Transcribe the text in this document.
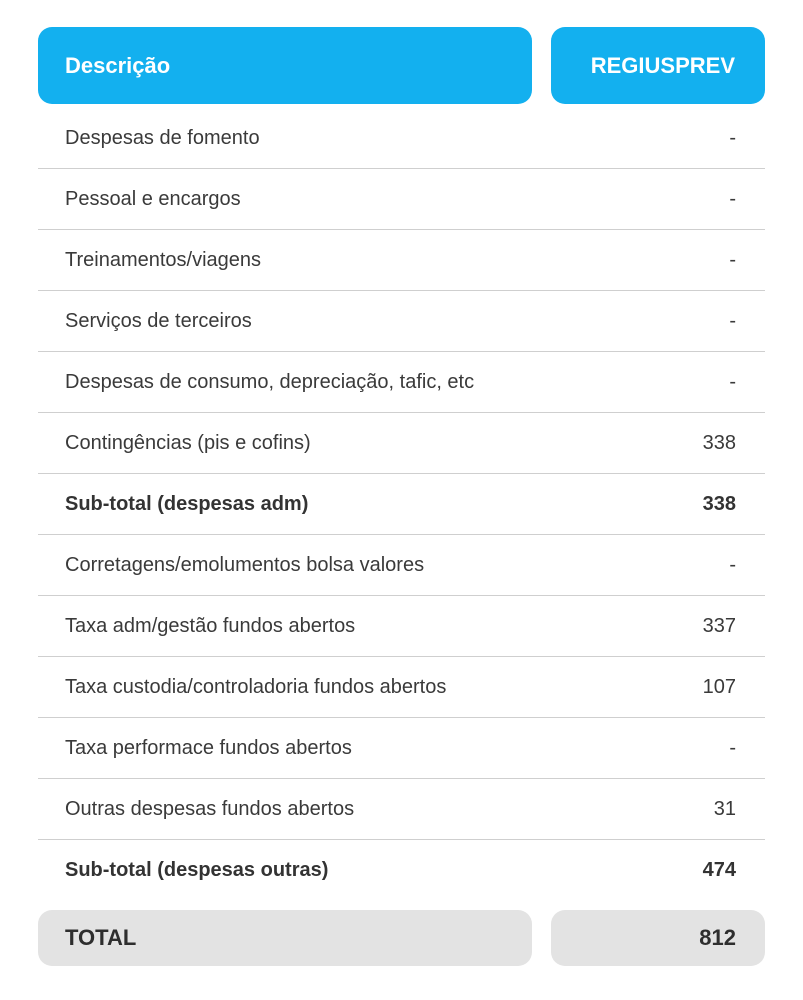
Descrição	REGIUSPREV
Despesas de fomento	-
Pessoal e encargos	-
Treinamentos/viagens	-
Serviços de terceiros	-
Despesas de consumo, depreciação, tafic, etc	-
Contingências (pis e cofins)	338
Sub-total (despesas adm)	338
Corretagens/emolumentos bolsa valores	-
Taxa adm/gestão fundos abertos	337
Taxa custodia/controladoria fundos abertos	107
Taxa performace fundos abertos	-
Outras despesas fundos abertos	31
Sub-total (despesas outras)	474
TOTAL	812
